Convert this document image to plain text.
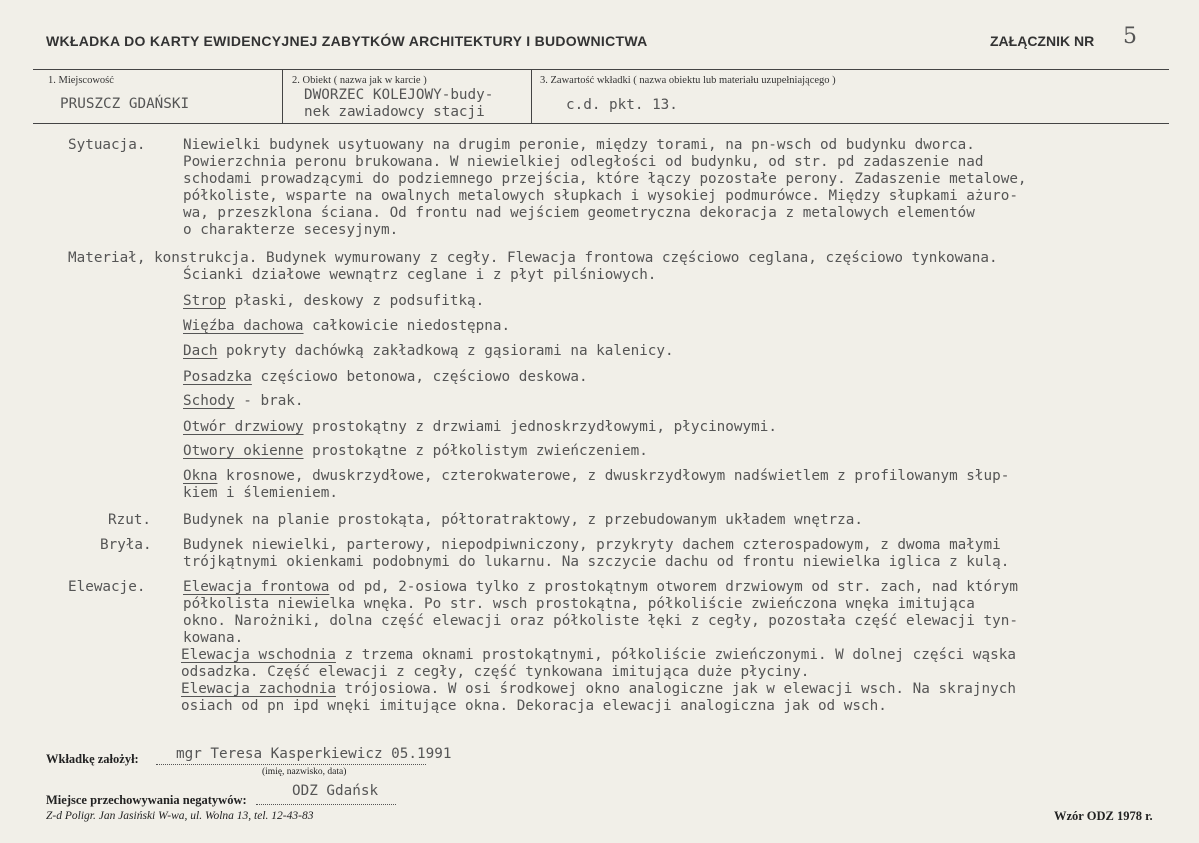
WKŁADKA DO KARTY EWIDENCYJNEJ ZABYTKÓW ARCHITEKTURY I BUDOWNICTWA	ZAŁĄCZNIK NR 5
1. Miejscowość
PRUSZCZ GDAŃSKI
2. Obiekt ( nazwa jak w karcie )
DWORZEC KOLEJOWY-budy-
nek zawiadowcy stacji
3. Zawartość wkładki ( nazwa obiektu lub materiału uzupełniającego )
c.d. pkt. 13.
Sytuacja.	Niewielki budynek usytuowany na drugim peronie, między torami, na pn-wsch od budynku dworca.
Powierzchnia peronu brukowana. W niewielkiej odległości od budynku, od str. pd zadaszenie nad
schodami prowadzącymi do podziemnego przejścia, które łączy pozostałe perony. Zadaszenie metalowe,
półkoliste, wsparte na owalnych metalowych słupkach i wysokiej podmurówce. Między słupkami ażuro-
wa, przeszklona ściana. Od frontu nad wejściem geometryczna dekoracja z metalowych elementów
o charakterze secesyjnym.
Materiał, konstrukcja. Budynek wymurowany z cegły. Flewacja frontowa częściowo ceglana, częściowo tynkowana.
Ścianki działowe wewnątrz ceglane i z płyt pilśniowych.
Strop płaski, deskowy z podsufitką.
Więźba dachowa całkowicie niedostępna.
Dach pokryty dachówką zakładkową z gąsiorami na kalenicy.
Posadzka częściowo betonowa, częściowo deskowa.
Schody - brak.
Otwór drzwiowy prostokątny z drzwiami jednoskrzydłowymi, płycinowymi.
Otwory okienne prostokątne z półkolistym zwieńczeniem.
Okna krosnowe, dwuskrzydłowe, czterokwaterowe, z dwuskrzydłowym nadświetlem z profilowanym słup-
kiem i ślemieniem.
Rzut. Budynek na planie prostokąta, półtoratraktowy, z przebudowanym układem wnętrza.
Bryła. Budynek niewielki, parterowy, niepodpiwniczony, przykryty dachem czterospadowym, z dwoma małymi
trójkątnymi okienkami podobnymi do lukarnu. Na szczycie dachu od frontu niewielka iglica z kulą.
Elewacje.	Elewacja frontowa od pd, 2-osiowa tylko z prostokątnym otworem drzwiowym od str. zach, nad którym
półkolista niewielka wnęka. Po str. wsch prostokątna, półkoliście zwieńczona wnęka imitująca
okno. Narożniki, dolna część elewacji oraz półkoliste łęki z cegły, pozostała część elewacji tyn-
kowana.
Elewacja wschodnia z trzema oknami prostokątnymi, półkoliście zwieńczonymi. W dolnej części wąska
odsadzka. Część elewacji z cegły, część tynkowana imitująca duże płyciny.
Elewacja zachodnia trójosiowa. W osi środkowej okno analogiczne jak w elewacji wsch. Na skrajnych
osiach od pn ipd wnęki imitujące okna. Dekoracja elewacji analogiczna jak od wsch.
Wkładkę założył:	mgr Teresa Kasperkiewicz 05.1991
(imię, nazwisko, data)
Miejsce przechowywania negatywów:
ODZ Gdańsk
Z-d Poligr. Jan Jasiński W-wa, ul. Wolna 13, tel. 12-43-83	Wzór ODZ 1978 r.
